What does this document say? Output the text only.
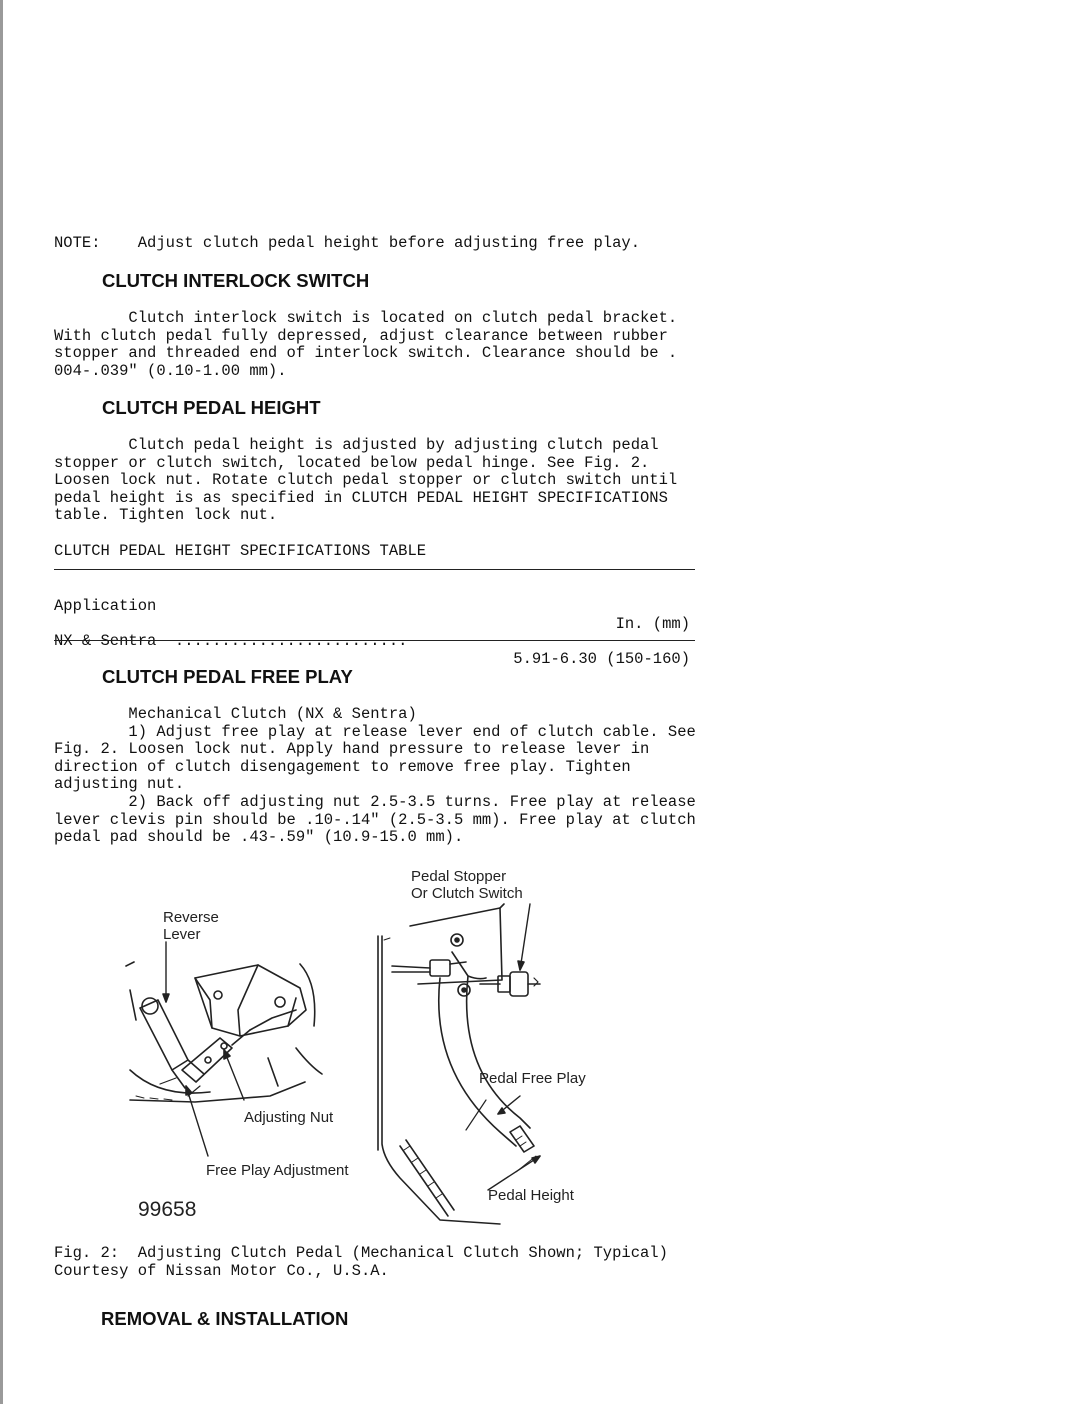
NOTE: Adjust clutch pedal height before adjusting free play.
CLUTCH INTERLOCK SWITCH
Clutch interlock switch is located on clutch pedal bracket.
With clutch pedal fully depressed, adjust clearance between rubber
stopper and threaded end of interlock switch. Clearance should be .
004-.039" (0.10-1.00 mm).
CLUTCH PEDAL HEIGHT
Clutch pedal height is adjusted by adjusting clutch pedal
stopper or clutch switch, located below pedal hinge. See Fig. 2.
Loosen lock nut. Rotate clutch pedal stopper or clutch switch until
pedal height is as specified in CLUTCH PEDAL HEIGHT SPECIFICATIONS
table. Tighten lock nut.
CLUTCH PEDAL HEIGHT SPECIFICATIONS TABLE

Application

In. (mm)

NX & Sentra  .........................

5.91-6.30 (150-160)

CLUTCH PEDAL FREE PLAY
Mechanical Clutch (NX & Sentra)
1) Adjust free play at release lever end of clutch cable. See
Fig. 2. Loosen lock nut. Apply hand pressure to release lever in
direction of clutch disengagement to remove free play. Tighten
adjusting nut.
2) Back off adjusting nut 2.5-3.5 turns. Free play at release
lever clevis pin should be .10-.14" (2.5-3.5 mm). Free play at clutch
pedal pad should be .43-.59" (10.9-15.0 mm).
Pedal Stopper
Or Clutch Switch
Reverse
Lever
Pedal Free Play
Adjusting Nut
Free Play Adjustment
Pedal Height
99658
Fig. 2:  Adjusting Clutch Pedal (Mechanical Clutch Shown; Typical)
Courtesy of Nissan Motor Co., U.S.A.
REMOVAL & INSTALLATION
